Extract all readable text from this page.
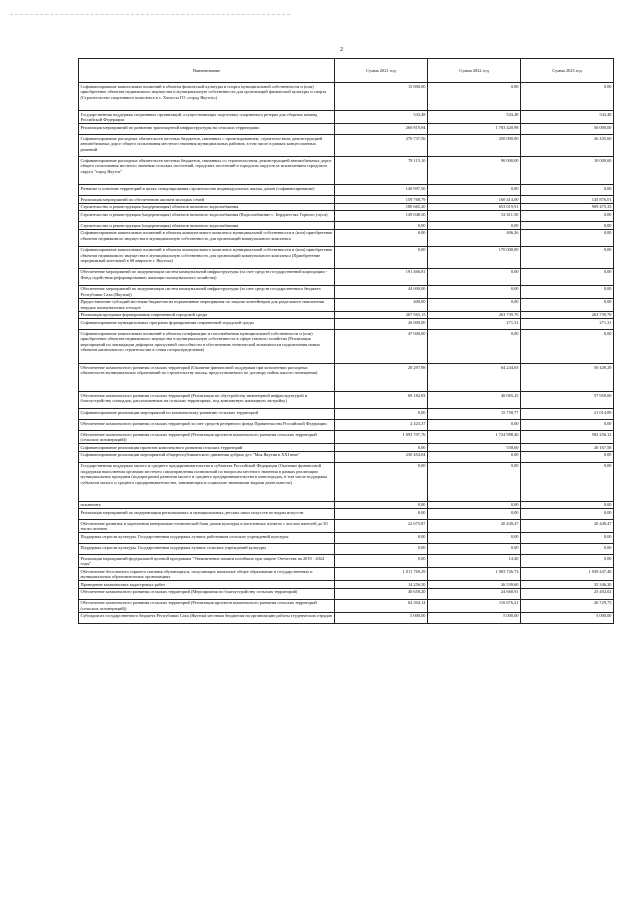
2
Наименование	Сумма 2021 год	Сумма 2022 год	Сумма 2023 год
Софинансирование капитальных вложений в объекты физической культуры и спорта муниципальной собственности и (или) приобретение объектов недвижимого имущества в муниципальную собственность для организаций физической культуры и спорта (Строительство спортивного комплекса в с. Хатассы ГО «город Якутск»)	15 000,00	0,00	0,00
Государственная поддержка спортивных организаций, осуществляющих подготовку спортивного резерва для сборных команд Российской Федерации	543,48	543,48	543,48
Реализация мероприятий по развитию транспортной инфраструктуры на сельских территориях	260 819,94	1 703 420,98	50 000,00
Софинансирование расходных обязательств местных бюджетов, связанных с проектированием, строительством, реконструкцией автомобильных дорог общего пользования местного значения муниципальных районов, в том числе в рамках концессионных решений	270 737,56	250 000,00	26 435,60
Софинансирование расходных обязательств местных бюджетов, связанных со строительством, реконструкцией автомобильных дорог общего пользования местного значения сельских поселений, городских поселений и городских округов за исключением городского округа "город Якутск"	78 115,10	90 000,00	10 000,00
Развитие и освоение территорий в целях стимулирования строительства индивидуальных жилых домов (софинансирование)	140 997,50	0,00	0,00
Реализация мероприятий по обеспечению жильем молодых семей	159 768,79	160 414,00	145 876,01
Строительство и реконструкция (модернизация) объектов питьевого водоснабжения	180 665,20	653 019,91	909 475,35
Строительство и реконструкция (модернизация) объектов питьевого водоснабжения (Водоснабжение с. Бердигестях Горного улуса)	149 048,50	52 611,50	0,00
Строительство и реконструкция (модернизация) объектов питьевого водоснабжения	0,00	0,00	0,00
Софинансирование капитальных вложений в объекты коммунального комплекса муниципальной собственности и (или) приобретение объектов недвижимого имущества в муниципальную собственность для организаций коммунального комплекса	0,00	406,26	0,00
Софинансирование капитальных вложений в объекты коммунального комплекса муниципальной собственности и (или) приобретение объектов недвижимого имущества в муниципальную собственность для организаций коммунального комплекса (Приобретение передвижной котельной в 68 квартале г. Якутска)	0,00	170 000,00	0,00
Обеспечение мероприятий по модернизации систем коммунальной инфраструктуры (за счет средств государственной корпорации - Фонд содействия реформированию жилищно-коммунального хозяйства)	191 466,81	0,00	0,00
Обеспечение мероприятий по модернизации систем коммунальной инфраструктуры (за счет средств государственного бюджета Республики Саха (Якутия))	44 000,00	0,00	0,00
Предоставление субсидий местным бюджетам на нормативные мероприятия по закупке контейнеров для раздельного накопления твердых коммунальных отходов	400,00	0,00	0,00
Реализация программ формирования современной городской среды	267 565,15	263 739,70	263 739,70
Софинансирование муниципальных программ формирования современной городской среды	26 000,00	271,31	271,31
Софинансирование капитальных вложений в объекты газификации и газоснабжения муниципальной собственности и (или) приобретение объектов недвижимого имущества в муниципальную собственность в сфере газового хозяйства (Реализация мероприятий по ликвидации дефицита пропускной способности и обеспечению технической возможности подключения новых объектов капитального строительства к сетям газораспределения)	47 000,00	0,00	0,00
Обеспечение комплексного развития сельских территорий (Оказание финансовой поддержки при исполнении расходных обязательств муниципальных образований по строительству жилья, предоставляемого по договору найма жилого помещения)	28 297,98	64 244,65	50 449,29
Обеспечение комплексного развития сельских территорий (Реализация по обустройству инженерной инфраструктурой и благоустройству площадок, расположенных на сельских территориях, под компактную жилищную застройку)	69 182,83	40 065,25	57 950,00
Софинансирование реализации мероприятий по комплексному развитию сельских территорий	0,00	15 758,77	21 014,89
Обеспечение комплексного развития сельских территорий за счет средств резервного фонда Правительства Российской Федерации	2 423,37	0,00	0,00
Обеспечение комплексного развития сельских территорий (Реализация проектов комплексного развития сельских территорий (сельских агломераций))	1 093 707,76	1 724 988,40	582 256,12
Софинансирование реализации проектов комплексного развития сельских территорий	0,00	558,60	20 167,58
Софинансирование реализации мероприятий общереспубликанского движения добрых дел "Моя Якутия в XXI веке"	230 454,04	0,00	0,00
Государственная поддержка малого и среднего предпринимательства в субъектах Российской Федерации (Оказание финансовой поддержки выполнения органами местного самоуправления полномочий по вопросам местного значения в рамках реализации муниципальных программ (подпрограмм) развития малого и среднего предпринимательства в моногородах, в том числе поддержка субъектов малого и среднего предпринимательства, занимающихся социально значимыми видами деятельности)	0,00	0,00	0,00
исключить	0,00	0,00	0,00
Реализация мероприятий по модернизации региональных и муниципальных детских школ искусств по видам искусств	0,00	0,00	0,00
Обеспечение развития и укрепления материально-технической базы домов культуры в населенных пунктах с числом жителей до 50 тысяч человек	22 675,87	20 449,47	20 449,47
Поддержка отрасли культуры. Государственная поддержка лучших работников сельских учреждений культуры	0,00	0,00	0,00
Поддержка отрасли культуры. Государственная поддержка лучших сельских учреждений культуры	0,00	0,00	0,00
Реализация мероприятий федеральной целевой программы "Увековечение памяти погибших при защите Отечества на 2019 - 2024 годы"	0,00	14,40	0,00
Обеспечение бесплатного горячего питания обучающихся, получающих начальное общее образование в государственных и муниципальных образовательных организациях	1 011 769,29	1 083 726,73	1 039 447,48
Проведение комплексных кадастровых работ	14 256,50	26 539,60	35 346,20
Обеспечение комплексного развития сельских территорий (Мероприятия по благоустройству сельских территорий)	40 650,20	24 660,91	25 402,02
Обеспечение комплексного развития сельских территорий (Реализация проектов комплексного развития сельских территорий (сельских агломераций))	62 304,14	116 676,21	26 729,75
Субсидии из государственного бюджета Республики Саха (Якутия) местным бюджетам на организацию работы студенческих отрядов	5 000,00	5 000,00	5 000,00
